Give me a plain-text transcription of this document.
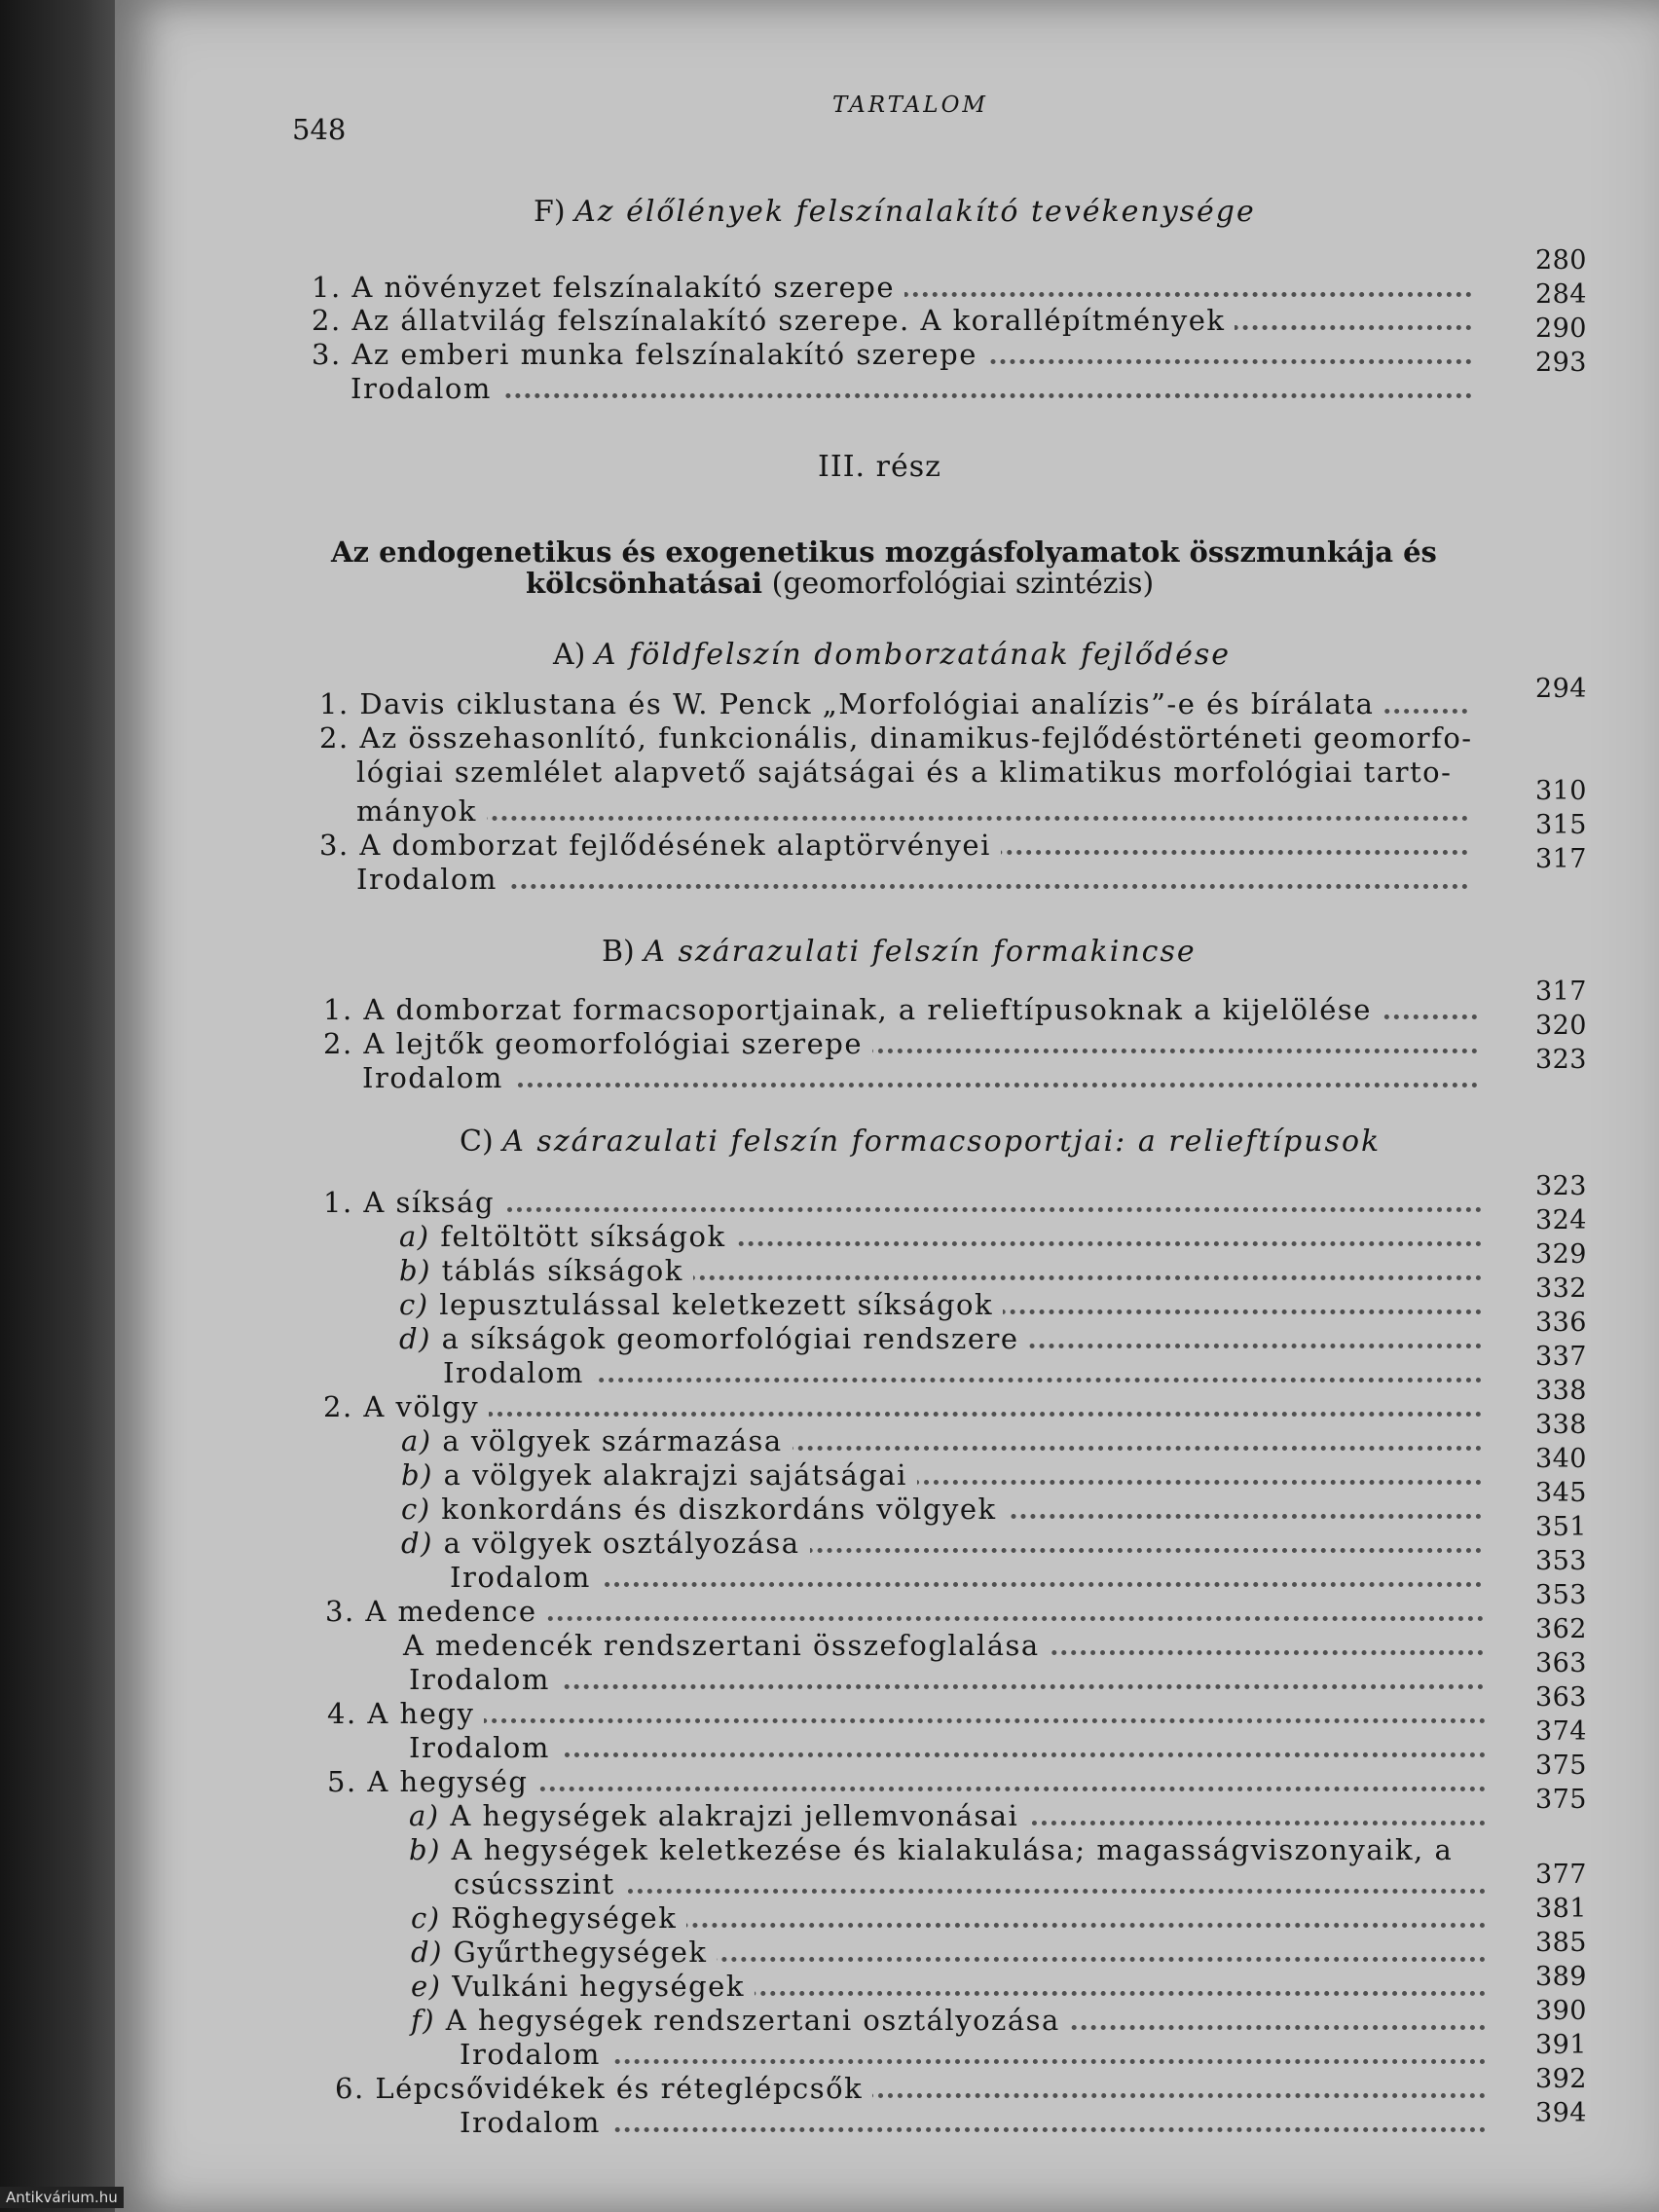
548
TARTALOM
F) Az élőlények felszínalakító tevékenysége
1. A növényzet felszínalakító szerepe
2. Az állatvilág felszínalakító szerepe. A korallépítmények
3. Az emberi munka felszínalakító szerepe
Irodalom
III. rész
Az endogenetikus és exogenetikus mozgásfolyamatok összmunkája és
kölcsönhatásai (geomorfológiai szintézis)
A) A földfelszín domborzatának fejlődése
1. Davis ciklustana és W. Penck „Morfológiai analízis”-e és bírálata
2. Az összehasonlító, funkcionális, dinamikus-fejlődéstörténeti geomorfo-
lógiai szemlélet alapvető sajátságai és a klimatikus morfológiai tarto-
mányok
3. A domborzat fejlődésének alaptörvényei
Irodalom
B) A szárazulati felszín formakincse
1. A domborzat formacsoportjainak, a relieftípusoknak a kijelölése
2. A lejtők geomorfológiai szerepe
Irodalom
C) A szárazulati felszín formacsoportjai: a relieftípusok
1. A síkság
a) feltöltött síkságok
b) táblás síkságok
c) lepusztulással keletkezett síkságok
d) a síkságok geomorfológiai rendszere
Irodalom
2. A völgy
a) a völgyek származása
b) a völgyek alakrajzi sajátságai
c) konkordáns és diszkordáns völgyek
d) a völgyek osztályozása
Irodalom
3. A medence
A medencék rendszertani összefoglalása
Irodalom
4. A hegy
Irodalom
5. A hegység
a) A hegységek alakrajzi jellemvonásai
b) A hegységek keletkezése és kialakulása; magasságviszonyaik, a
csúcsszint
c) Röghegységek
d) Gyűrthegységek
e) Vulkáni hegységek
f) A hegységek rendszertani osztályozása
Irodalom
6. Lépcsővidékek és réteglépcsők
Irodalom
280
284
290
293
294
310
315
317
317
320
323
323
324
329
332
336
337
338
338
340
345
351
353
353
362
363
363
374
375
375
377
381
385
389
390
391
392
394
Antikvárium.hu
